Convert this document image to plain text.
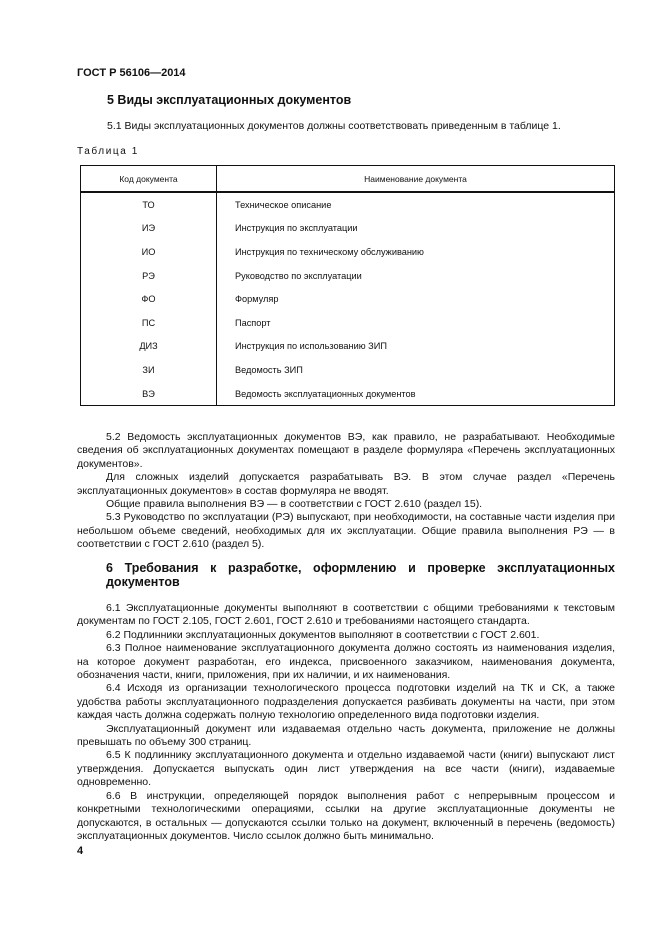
ГОСТ Р 56106—2014
5 Виды эксплуатационных документов
5.1 Виды эксплуатационных документов должны соответствовать приведенным в таблице 1.
Таблица 1
Код документа	Наименование документа
ТО	Техническое описание
ИЭ	Инструкция по эксплуатации
ИО	Инструкция по техническому обслуживанию
РЭ	Руководство по эксплуатации
ФО	Формуляр
ПС	Паспорт
ДИЗ	Инструкция по использованию ЗИП
ЗИ	Ведомость ЗИП
ВЭ	Ведомость эксплуатационных документов

5.2 Ведомость эксплуатационных документов ВЭ, как правило, не разрабатывают. Необходимые сведения об эксплуатационных документах помещают в разделе формуляра «Перечень эксплуатационных документов».

Для сложных изделий допускается разрабатывать ВЭ. В этом случае раздел «Перечень эксплуатационных документов» в состав формуляра не вводят.

Общие правила выполнения ВЭ — в соответствии с ГОСТ 2.610 (раздел 15).

5.3 Руководство по эксплуатации (РЭ) выпускают, при необходимости, на составные части изделия при небольшом объеме сведений, необходимых для их эксплуатации. Общие правила выполнения РЭ — в соответствии с ГОСТ 2.610 (раздел 5).

6 Требования к разработке, оформлению и проверке эксплуатационных документов

6.1 Эксплуатационные документы выполняют в соответствии с общими требованиями к текстовым документам по ГОСТ 2.105, ГОСТ 2.601, ГОСТ 2.610 и требованиями настоящего стандарта.

6.2 Подлинники эксплуатационных документов выполняют в соответствии с ГОСТ 2.601.

6.3 Полное наименование эксплуатационного документа должно состоять из наименования изделия, на которое документ разработан, его индекса, присвоенного заказчиком, наименования документа, обозначения части, книги, приложения, при их наличии, и их наименования.

6.4 Исходя из организации технологического процесса подготовки изделий на ТК и СК, а также удобства работы эксплуатационного подразделения допускается разбивать документы на части, при этом каждая часть должна содержать полную технологию определенного вида подготовки изделия.

Эксплуатационный документ или издаваемая отдельно часть документа, приложение не должны превышать по объему 300 страниц.

6.5 К подлиннику эксплуатационного документа и отдельно издаваемой части (книги) выпускают лист утверждения. Допускается выпускать один лист утверждения на все части (книги), издаваемые одновременно.

6.6 В инструкции, определяющей порядок выполнения работ с непрерывным процессом и конкретными технологическими операциями, ссылки на другие эксплуатационные документы не допускаются, в остальных — допускаются ссылки только на документ, включенный в перечень (ведомость) эксплуатационных документов. Число ссылок должно быть минимально.

4
